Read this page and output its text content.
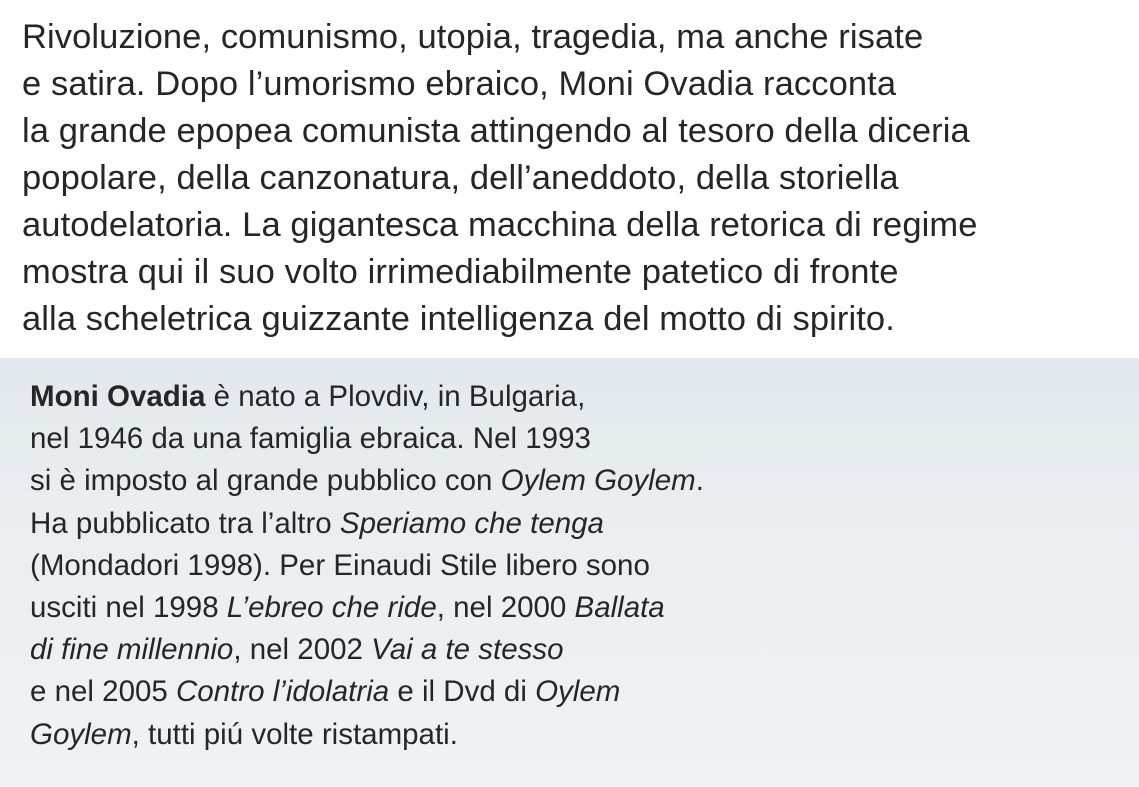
Rivoluzione, comunismo, utopia, tragedia, ma anche risate
e satira. Dopo l’umorismo ebraico, Moni Ovadia racconta
la grande epopea comunista attingendo al tesoro della diceria
popolare, della canzonatura, dell’aneddoto, della storiella
autodelatoria. La gigantesca macchina della retorica di regime
mostra qui il suo volto irrimediabilmente patetico di fronte
alla scheletrica guizzante intelligenza del motto di spirito.

Moni Ovadia è nato a Plovdiv, in Bulgaria,
nel 1946 da una famiglia ebraica. Nel 1993
si è imposto al grande pubblico con Oylem Goylem.
Ha pubblicato tra l’altro Speriamo che tenga
(Mondadori 1998). Per Einaudi Stile libero sono
usciti nel 1998 L’ebreo che ride, nel 2000 Ballata
di fine millennio, nel 2002 Vai a te stesso
e nel 2005 Contro l’idolatria e il Dvd di Oylem
Goylem, tutti piú volte ristampati.
